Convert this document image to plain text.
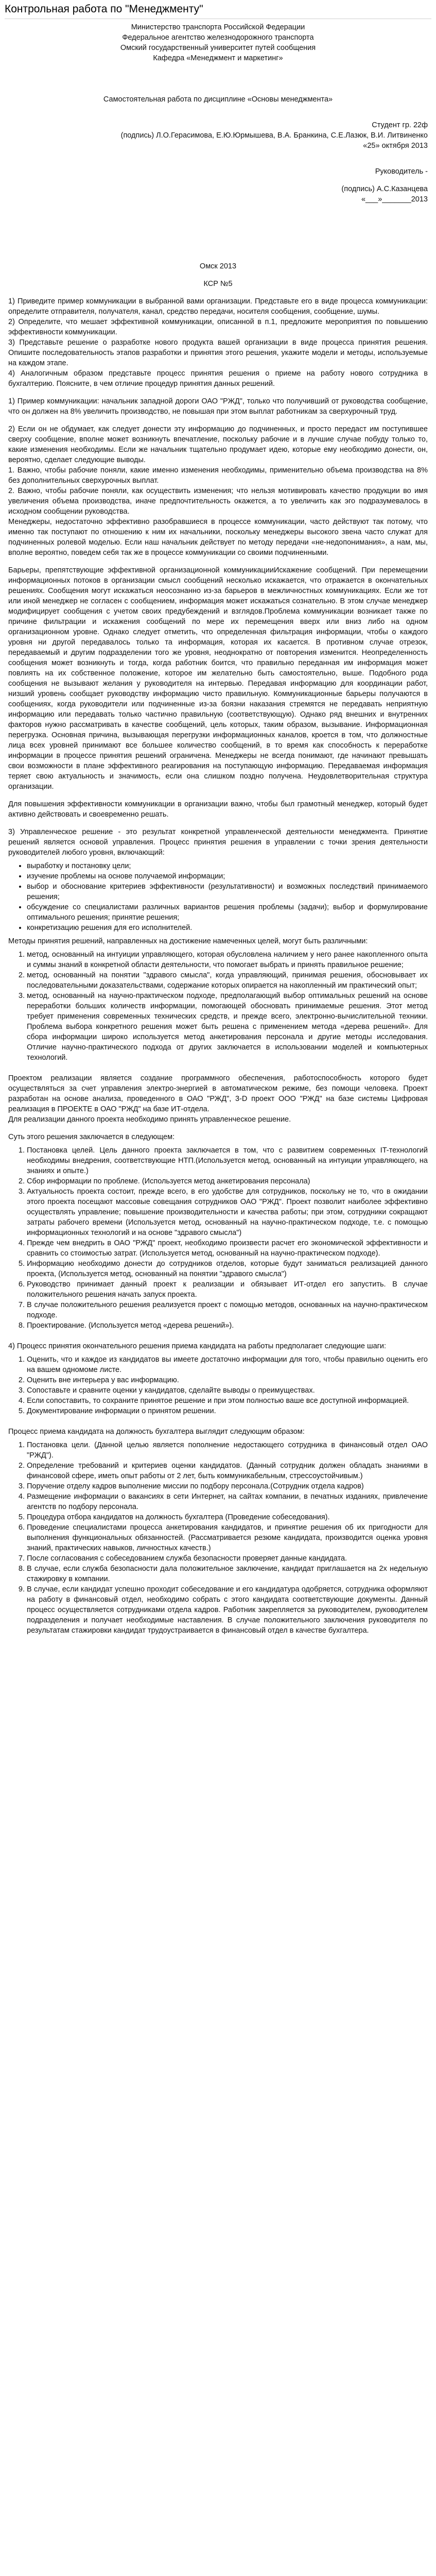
Контрольная работа по "Менеджменту"

Министерство транспорта Российской Федерации

Федеральное агентство железнодорожного транспорта

Омский государственный университет путей сообщения

Кафедра «Менеджмент и маркетинг»

Самостоятельная работа по дисциплине «Основы менеджмента»

Студент гр. 22ф

(подпись) Л.О.Герасимова, Е.Ю.Юрмышева, В.А. Бранкина, С.Е.Лазюк, В.И. Литвиненко

«25» октября 2013

Руководитель -

(подпись) А.С.Казанцева

«___»_______2013

Омск 2013

КСР №5

1) Приведите пример коммуникации в выбранной вами организации. Представьте его в виде процесса коммуникации: определите отправителя, получателя, канал, средство передачи, носителя сообщения, сообщение, шумы.

2) Определите, что мешает эффективной коммуникации, описанной в п.1, предложите мероприятия по повышению эффективности коммуникации.

3) Представьте решение о разработке нового продукта вашей организации в виде процесса принятия решения. Опишите последовательность этапов разработки и принятия этого решения, укажите модели и методы, используемые на каждом этапе.

4) Аналогичным образом представьте процесс принятия решения о приеме на работу нового сотрудника в бухгалтерию. Поясните, в чем отличие процедур принятия данных решений.

1) Пример коммуникации: начальник западной дороги ОАО "РЖД", только что получивший от руководства сообщение, что он должен на 8% увеличить производство, не повышая при этом выплат работникам за сверхурочный труд.

2) Если он не обдумает, как следует донести эту информацию до подчиненных, и просто передаст им поступившее сверху сообщение, вполне может возникнуть впечатление, поскольку рабочие и в лучшие случае побуду только то, какие изменения необходимы. Если же начальник тщательно продумает идею, которые ему необходимо донести, он, вероятно, сделает следующие выводы.

1. Важно, чтобы рабочие поняли, какие именно изменения необходимы, применительно объема производства на 8% без дополнительных сверхурочных выплат.

2. Важно, чтобы рабочие поняли, как осуществить изменения; что нельзя мотивировать качество продукции во имя увеличения объема производства, иначе предпочтительность окажется, а то увеличить как эго подразумевалось в исходном сообщении руководства.

Менеджеры, недостаточно эффективно разобравшиеся в процессе коммуникации, часто действуют так потому, что именно так поступают по отношению к ним их начальники, поскольку менеджеры высокого звена часто служат для подчиненных ролевой моделью. Если наш начальник действует по методу передачи «не-недопонимания», а нам, мы, вполне вероятно, поведем себя так же в процессе коммуникации со своими подчиненными.

Барьеры, препятствующие эффективной организационной коммуникацииИскажение сообщений. При перемещении информационных потоков в организации смысл сообщений несколько искажается, что отражается в окончательных решениях. Сообщения могут искажаться неосознанно из-за барьеров в межличностных коммуникациях. Если же тот или иной менеджер не согласен с сообщением, информация может искажаться сознательно. В этом случае менеджер модифицирует сообщения с учетом своих предубеждений и взглядов.Проблема коммуникации возникает также по причине фильтрации и искажения сообщений по мере их перемещения вверх или вниз либо на одном организационном уровне. Однако следует отметить, что определенная фильтрация информации, чтобы о каждого уровня ни другой передавалось только та информация, которая их касается. В противном случае отрезок, передаваемый и другим подразделении того же уровня, неоднократно от повторения изменится. Неопределенность сообщения может возникнуть и тогда, когда работник боится, что правильно переданная им информация может повлиять на их собственное положение, которое им желательно быть самостоятельно, выше. Подобного рода сообщения не вызывают желания у руководителя на интервью. Передавая информацию для координации работ, низший уровень сообщает руководству информацию чисто правильную. Коммуникационные барьеры получаются в сообщениях, когда руководители или подчиненные из-за боязни наказания стремятся не передавать неприятную информацию или передавать только частично правильную (соответствующую). Однако ряд внешних и внутренних факторов нужно рассматривать в качестве сообщений, цель которых, таким образом, вызывание. Информационная перегрузка. Основная причина, вызывающая перегрузки информационных каналов, кроется в том, что должностные лица всех уровней принимают все большее количество сообщений, в то время как способность к переработке информации в процессе принятия решений ограничена. Менеджеры не всегда понимают, где начинают превышать свои возможности в плане эффективного реагирования на поступающую информацию. Передаваемая информация теряет свою актуальность и значимость, если она слишком поздно получена. Неудовлетворительная структура организации.

Для повышения эффективности коммуникации в организации важно, чтобы был грамотный менеджер, который будет активно действовать и своевременно решать.

3) Управленческое решение - это результат конкретной управленческой деятельности менеджмента. Принятие решений является основой управления. Процесс принятия решения в управлении с точки зрения деятельности руководителей любого уровня, включающий:

• выработку и постановку цели;
• изучение проблемы на основе получаемой информации;
• выбор и обоснование критериев эффективности (результативности) и возможных последствий принимаемого решения;
• обсуждение со специалистами различных вариантов решения проблемы (задачи); выбор и формулирование оптимального решения; принятие решения;
• конкретизацию решения для его исполнителей.

Методы принятия решений, направленных на достижение намеченных целей, могут быть различными:

1. метод, основанный на интуиции управляющего, которая обусловлена наличием у него ранее накопленного опыта и суммы знаний в конкретной области деятельности, что помогает выбрать и принять правильное решение;
2. метод, основанный на понятии "здравого смысла", когда управляющий, принимая решения, обосновывает их последовательными доказательствами, содержание которых опирается на накопленный им практический опыт;
3. метод, основанный на научно-практическом подходе, предполагающий выбор оптимальных решений на основе переработки больших количеств информации, помогающей обосновать принимаемые решения. Этот метод требует применения современных технических средств, и прежде всего, электронно-вычислительной техники. Проблема выбора конкретного решения может быть решена с применением метода «дерева решений». Для сбора информации широко используется метод анкетирования персонала и другие методы исследования. Отличие научно-практического подхода от других заключается в использовании моделей и компьютерных технологий.

Проектом реализации является создание программного обеспечения, работоспособность которого будет осуществляться за счет управления электро-энергией в автоматическом режиме, без помощи человека. Проект разработан на основе анализа, проведенного в ОАО "РЖД", 3-D проект ООО "РЖД" на базе системы Цифровая реализация в ПРОЕКТЕ в ОАО "РЖД" на базе ИТ-отдела.

Для реализации данного проекта необходимо принять управленческое решение.

Суть этого решения заключается в следующем:

1. Постановка целей. Цель данного проекта заключается в том, что с развитием современных IT-технологий необходимы внедрения, соответствующие НТП.(Используется метод, основанный на интуиции управляющего, на знаниях и опыте.)
2. Сбор информации по проблеме. (Используется метод анкетирования персонала)
3. Актуальность проекта состоит, прежде всего, в его удобстве для сотрудников, поскольку не то, что в ожидании этого проекта посещают массовые совещания сотрудников ОАО "РЖД". Проект позволит наиболее эффективно осуществлять управление; повышение производительности и качества работы; при этом, сотрудники сокращают затраты рабочего времени (Используется метод, основанный на научно-практическом подходе, т.е. с помощью информационных технологий и на основе "здравого смысла")
4. Прежде чем внедрить в ОАО "РЖД" проект, необходимо произвести расчет его экономической эффективности и сравнить со стоимостью затрат. (Используется метод, основанный на научно-практическом подходе).
5. Информацию необходимо донести до сотрудников отделов, которые будут заниматься реализацией данного проекта, (Используется метод, основанный на понятии "здравого смысла")
6. Руководство принимает данный проект к реализации и обязывает ИТ-отдел его запустить. В случае положительного решения начать запуск проекта.
7. В случае положительного решения реализуется проект с помощью методов, основанных на научно-практическом подходе.
8. Проектирование. (Используется метод «дерева решений»).

4) Процесс принятия окончательного решения приема кандидата на работы предполагает следующие шаги:

1. Оценить, что и каждое из кандидатов вы имеете достаточно информации для того, чтобы правильно оценить его на вашем одномоме листе.
2. Оценить вне интерьера у вас информацию.
3. Сопоставьте и сравните оценки у кандидатов, сделайте выводы о преимуществах.
4. Если сопоставить, то сохраните принятое решение и при этом полностью ваше все доступной информацией.
5. Документирование информации о принятом решении.

Процесс приема кандидата на должность бухгалтера выглядит следующим образом:

1. Постановка цели. (Данной целью является пополнение недостающего сотрудника в финансовый отдел ОАО "РЖД").
2. Определение требований и критериев оценки кандидатов. (Данный сотрудник должен обладать знаниями в финансовой сфере, иметь опыт работы от 2 лет, быть коммуникабельным, стрессоустойчивым.)
3. Поручение отделу кадров выполнение миссии по подбору персонала.(Сотрудник отдела кадров)
4. Размещение информации о вакансиях в сети Интернет, на сайтах компании, в печатных изданиях, привлечение агентств по подбору персонала.
5. Процедура отбора кандидатов на должность бухгалтера (Проведение собеседования).
6. Проведение специалистами процесса анкетирования кандидатов, и принятие решения об их пригодности для выполнения функциональных обязанностей. (Рассматривается резюме кандидата, производится оценка уровня знаний, практических навыков, личностных качеств.)
7. После согласования с собеседованием служба безопасности проверяет данные кандидата.
8. В случае, если служба безопасности дала положительное заключение, кандидат приглашается на 2х недельную стажировку в компании.
9. В случае, если кандидат успешно проходит собеседование и его кандидатура одобряется, сотрудника оформляют на работу в финансовый отдел, необходимо собрать с этого кандидата соответствующие документы. Данный процесс осуществляется сотрудниками отдела кадров. Работник закрепляется за руководителем, руководителем подразделения и получает необходимые наставления. В случае положительного заключения руководителя по результатам стажировки кандидат трудоустраивается в финансовый отдел в качестве бухгалтера.
